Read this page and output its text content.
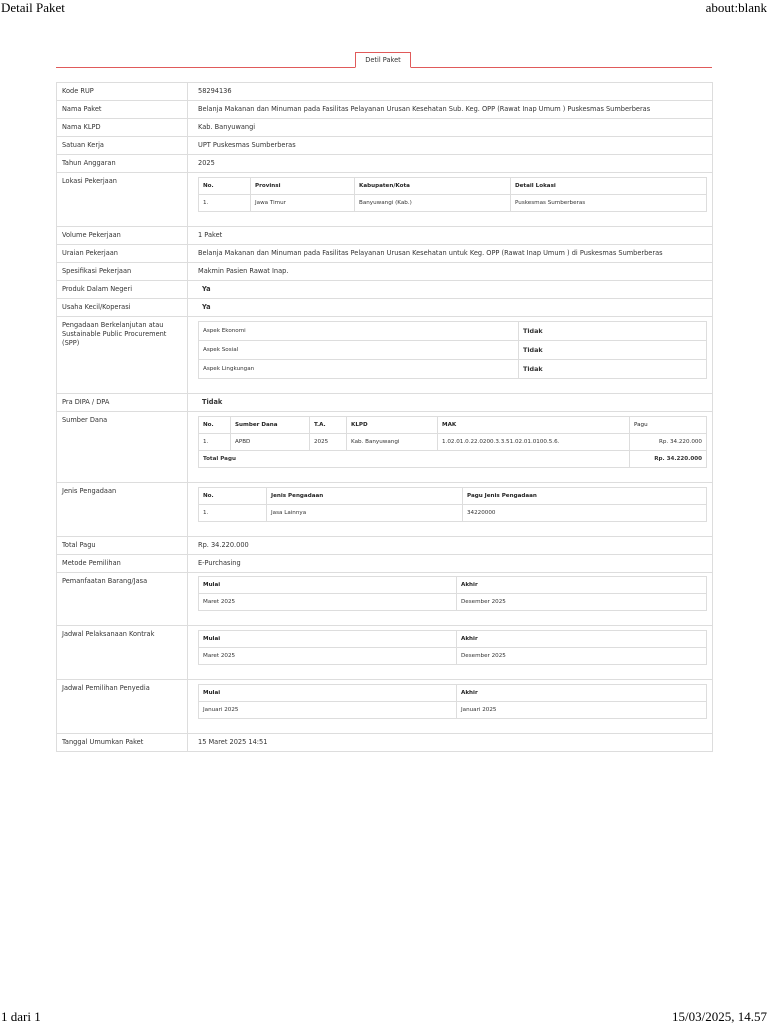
Detail Paket	about:blank
Detil Paket
Kode RUP	58294136
Nama Paket	Belanja Makanan dan Minuman pada Fasilitas Pelayanan Urusan Kesehatan Sub. Keg. OPP (Rawat Inap Umum ) Puskesmas Sumberberas
Nama KLPD	Kab. Banyuwangi
Satuan Kerja	UPT Puskesmas Sumberberas
Tahun Anggaran	2025
Lokasi Pekerjaan	
No.	Provinsi	Kabupaten/Kota	Detail Lokasi
1.	Jawa Timur	Banyuwangi (Kab.)	Puskesmas Sumberberas

Volume Pekerjaan	1 Paket
Uraian Pekerjaan	Belanja Makanan dan Minuman pada Fasilitas Pelayanan Urusan Kesehatan untuk Keg. OPP (Rawat Inap Umum ) di Puskesmas Sumberberas
Spesifikasi Pekerjaan	Makmin Pasien Rawat Inap.
Produk Dalam Negeri	Ya
Usaha Kecil/Koperasi	Ya
Pengadaan Berkelanjutan atau Sustainable Public Procurement (SPP)	
Aspek Ekonomi	Tidak
Aspek Sosial	Tidak
Aspek Lingkungan	Tidak

Pra DIPA / DPA	Tidak
Sumber Dana	
No.	Sumber Dana	T.A.	KLPD	MAK	Pagu
1.	APBD	2025	Kab. Banyuwangi	1.02.01.0.22.0200.3.3.51.02.01.0100.5.6.	Rp. 34.220.000
Total Pagu	Rp. 34.220.000

Jenis Pengadaan	
No.	Jenis Pengadaan	Pagu Jenis Pengadaan
1.	Jasa Lainnya	34220000

Total Pagu	Rp. 34.220.000
Metode Pemilihan	E-Purchasing
Pemanfaatan Barang/Jasa		Mulai	Akhir
Maret 2025	Desember 2025

Jadwal Pelaksanaan Kontrak	
Mulai	Akhir
Maret 2025	Desember 2025

Jadwal Pemilihan Penyedia	
Mulai	Akhir
Januari 2025	Januari 2025

Tanggal Umumkan Paket	15 Maret 2025 14:51
1 dari 1	15/03/2025, 14.57
